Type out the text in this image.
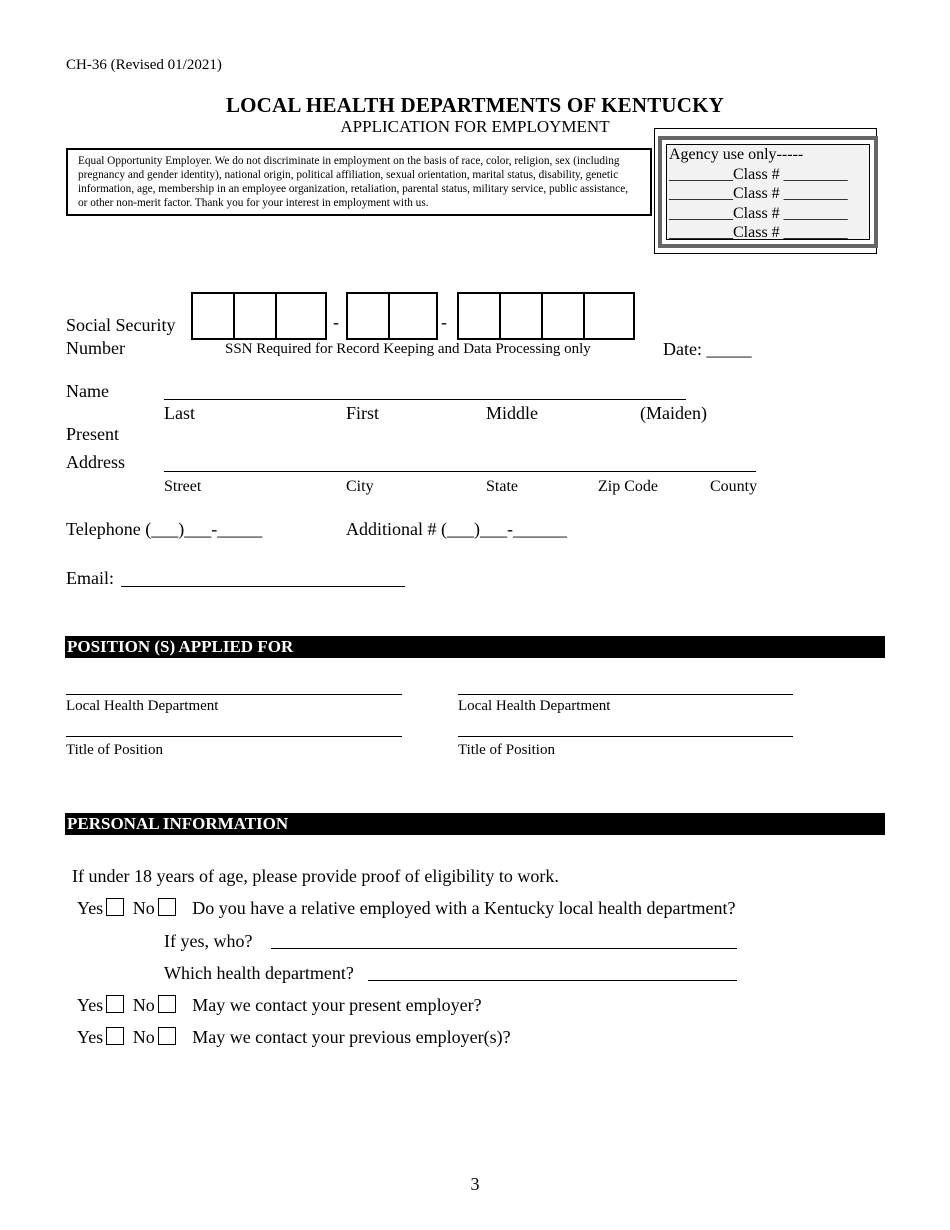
CH-36 (Revised 01/2021)
LOCAL HEALTH DEPARTMENTS OF KENTUCKY
APPLICATION FOR EMPLOYMENT
Equal Opportunity Employer. We do not discriminate in employment on the basis of race, color, religion, sex (including pregnancy and gender identity), national origin, political affiliation, sexual orientation, marital status, disability, genetic information, age, membership in an employee organization, retaliation, parental status, military service, public assistance, or other non-merit factor. Thank you for your interest in employment with us.
Agency use only-----
________Class # ________
________Class # ________
________Class # ________
________Class # ________
Social Security
Number
-	-
SSN Required for Record Keeping and Data Processing only	Date: _____
Name
Last	First	Middle	(Maiden)
Present
Address
Street	City	State	Zip Code	County
Telephone (___)___-_____	Additional # (___)___-______
Email:
POSITION (S) APPLIED FOR
Local Health Department	Local Health Department
Title of Position	Title of Position
PERSONAL INFORMATION
If under 18 years of age, please provide proof of eligibility to work.
Yes No Do you have a relative employed with a Kentucky local health department?
If yes, who?
Which health department?
Yes No May we contact your present employer?
Yes No May we contact your previous employer(s)?
3
